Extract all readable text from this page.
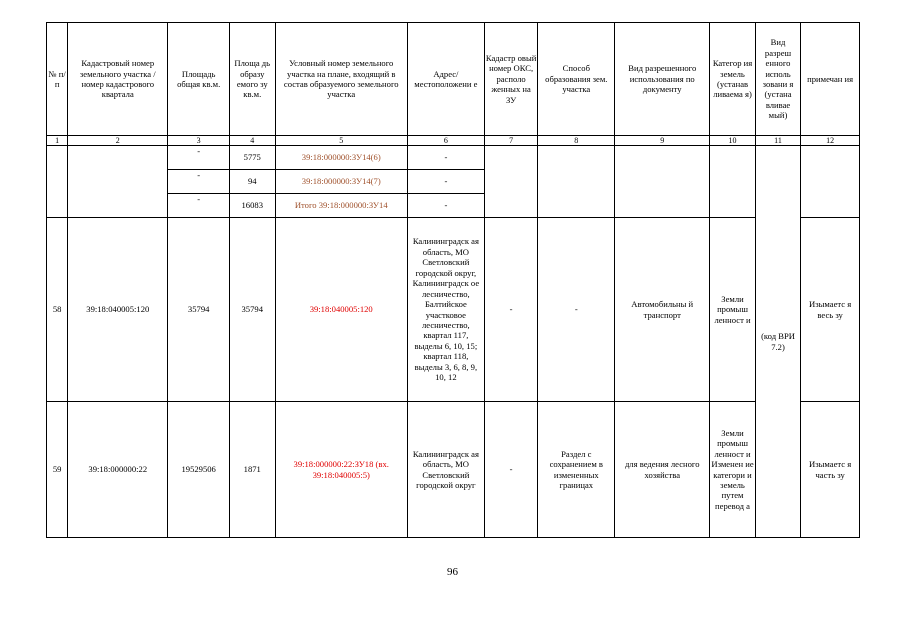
№ п/ п	Кадастровый номер земельного участка /номер кадастрового квартала	Площадь общая кв.м.	Площа дь образу емого зу кв.м.	Условный номер земельного участка на плане, входящий в состав образуемого земельного участка	Адрес/ местоположени е	Кадастр овый номер ОКС, располо женных на ЗУ	Способ образования зем. участка	Вид разрешенного использования по документу	Категор ия земель (устанав ливаема я)	Вид разреш енного исполь зовани я (устана вливае мый)	примечан ия
1	2	3	4	5	6	7	8	9	10	11	12
		-	5775	39:18:000000:ЗУ14(6)	-					(код ВРИ 7.2)	
		-	94	39:18:000000:ЗУ14(7)	-						
		-	16083	Итого 39:18:000000:ЗУ14	-						
58	39:18:040005:120	35794	35794	39:18:040005:120	Калининградск ая область, МО Светловский городской округ, Калининградск ое лесничество, Балтийское участковое лесничество, квартал 117, выделы 6, 10, 15; квартал 118, выделы 3, 6, 8, 9, 10, 12	-	-	Автомобильны й транспорт	Земли промыш ленност и		Изымаетс я весь зу
59	39:18:000000:22	19529506	1871	39:18:000000:22:ЗУ18 (вх. 39:18:040005:5)	Калининградск ая область, МО Светловский городской округ	-	Раздел с сохранением в измененных границах	для ведения лесного хозяйства	Земли промыш ленност и Изменен ие категори и земель путем перевод а		Изымаетс я часть зу
96
